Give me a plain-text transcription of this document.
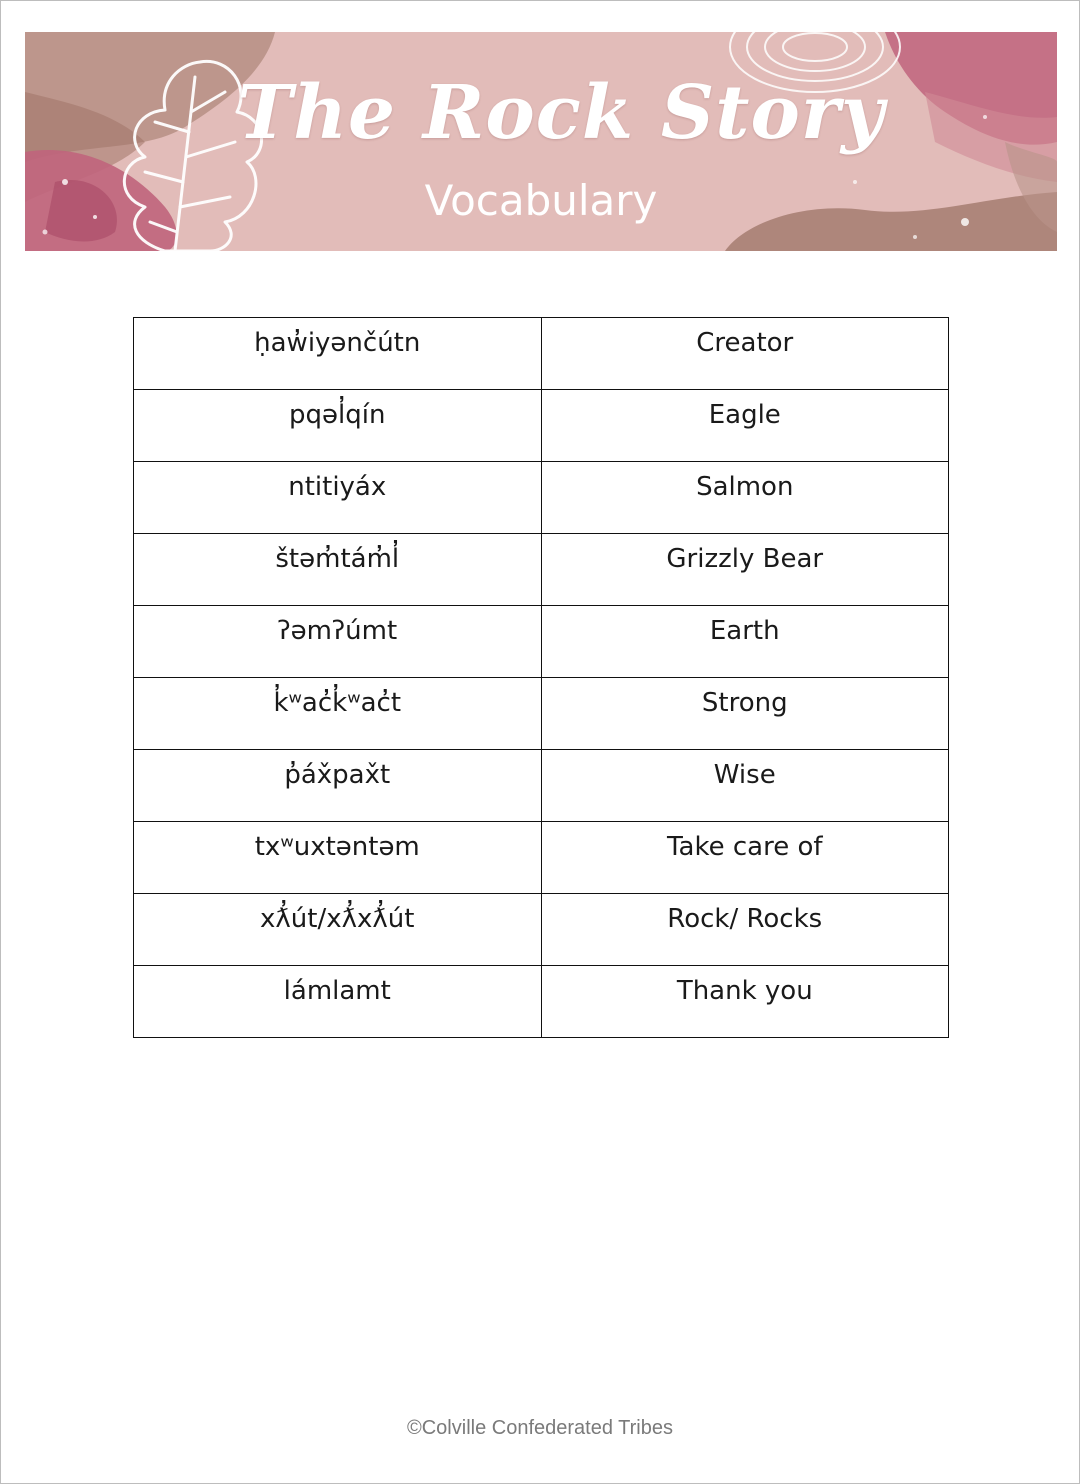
The Rock Story
Vocabulary
ḥaw̓iyənčútn	Creator
pqəl̓qín	Eagle
ntitiyáx	Salmon
štəm̓tám̓l̓	Grizzly Bear
ʔəmʔúmt	Earth
k̓ʷac̓k̓ʷac̓t	Strong
p̓áx̌pax̌t	Wise
txʷuxtəntəm	Take care of
xƛ̓út/xƛ̓xƛ̓út	Rock/ Rocks
lámlamt	Thank you
©Colville Confederated Tribes
